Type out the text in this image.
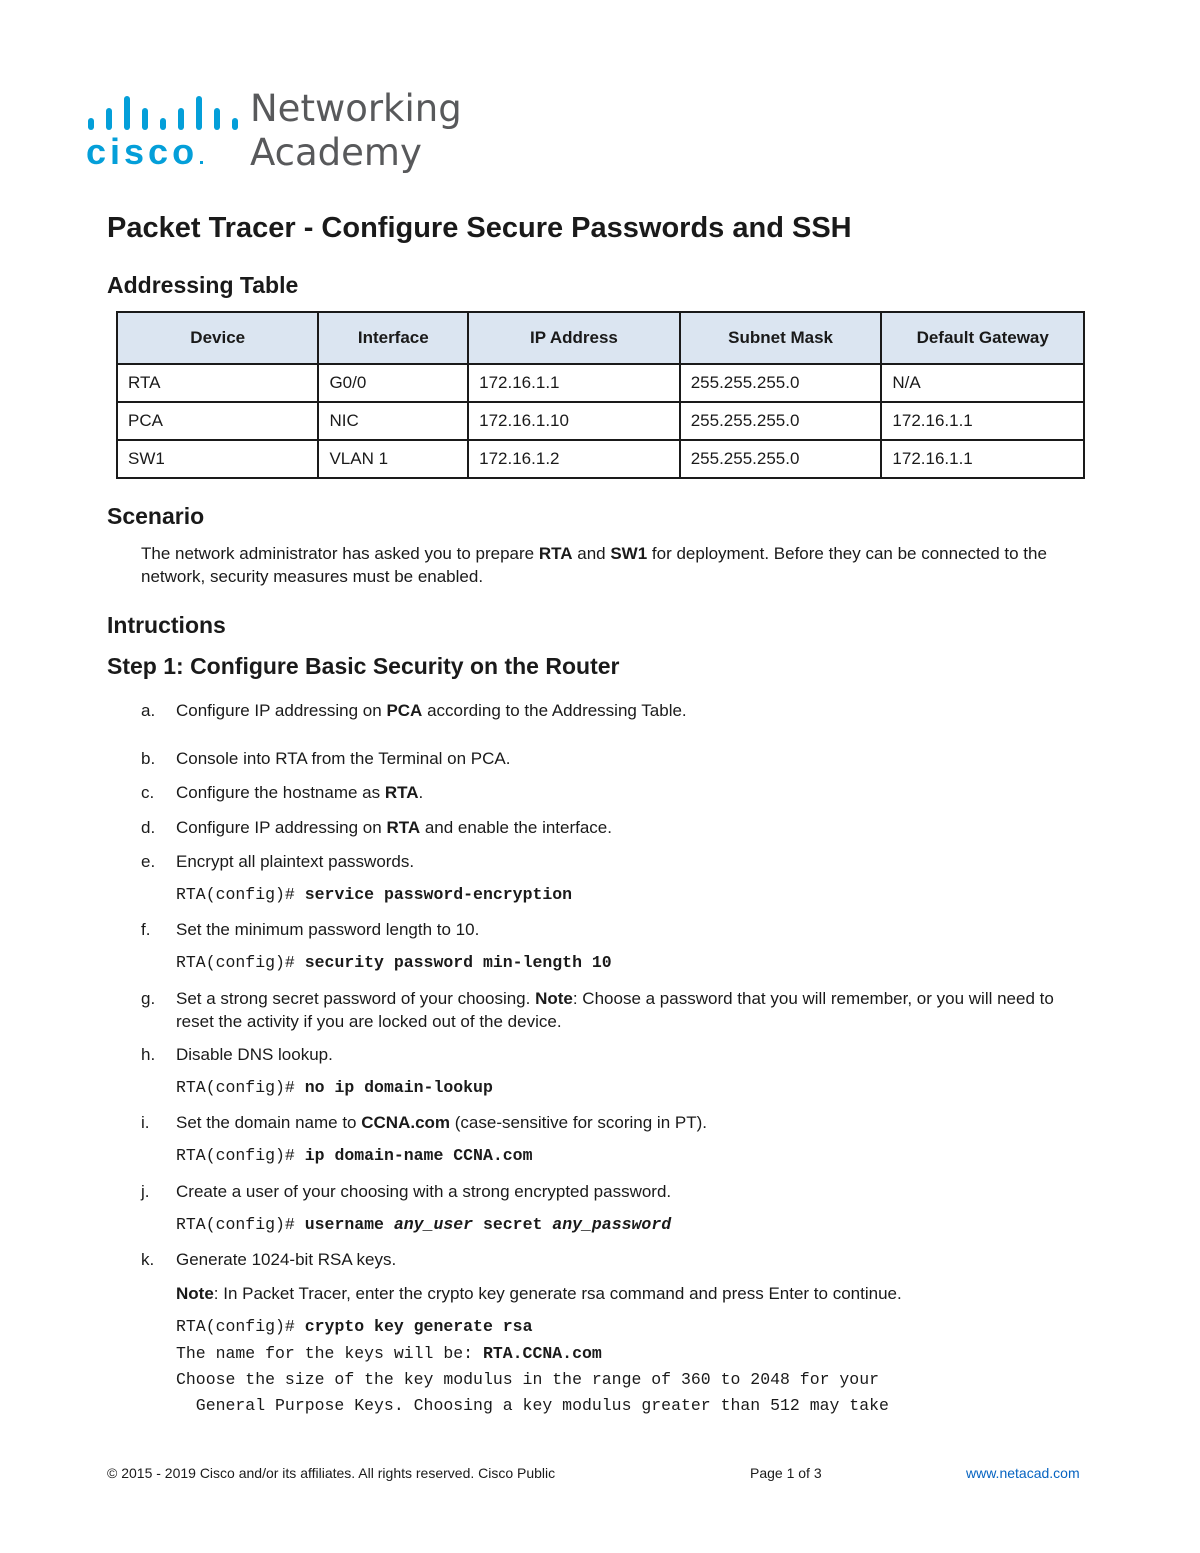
cisco
Networking
Academy
Packet Tracer - Configure Secure Passwords and SSH
Addressing Table
Device	Interface	IP Address	Subnet Mask	Default Gateway
RTA	G0/0	172.16.1.1	255.255.255.0	N/A
PCA	NIC	172.16.1.10	255.255.255.0	172.16.1.1
SW1	VLAN 1	172.16.1.2	255.255.255.0	172.16.1.1
Scenario
The network administrator has asked you to prepare RTA and SW1 for deployment. Before they can be connected to the network, security measures must be enabled.
Intructions
Step 1: Configure Basic Security on the Router
a.	Configure IP addressing on PCA according to the Addressing Table.
b.	Console into RTA from the Terminal on PCA.
c.	Configure the hostname as RTA.
d.	Configure IP addressing on RTA and enable the interface.
e.	Encrypt all plaintext passwords.
RTA(config)# service password-encryption
f.	Set the minimum password length to 10.
RTA(config)# security password min-length 10
g.	Set a strong secret password of your choosing. Note: Choose a password that you will remember, or you will need to reset the activity if you are locked out of the device.
h.	Disable DNS lookup.
RTA(config)# no ip domain-lookup
i.	Set the domain name to CCNA.com (case-sensitive for scoring in PT).
RTA(config)# ip domain-name CCNA.com
j.	Create a user of your choosing with a strong encrypted password.
RTA(config)# username any_user secret any_password
k.	Generate 1024-bit RSA keys.
Note: In Packet Tracer, enter the crypto key generate rsa command and press Enter to continue.
RTA(config)# crypto key generate rsa
The name for the keys will be: RTA.CCNA.com
Choose the size of the key modulus in the range of 360 to 2048 for your
General Purpose Keys. Choosing a key modulus greater than 512 may take
© 2015 - 2019 Cisco and/or its affiliates. All rights reserved. Cisco Public	Page 1 of 3	www.netacad.com
